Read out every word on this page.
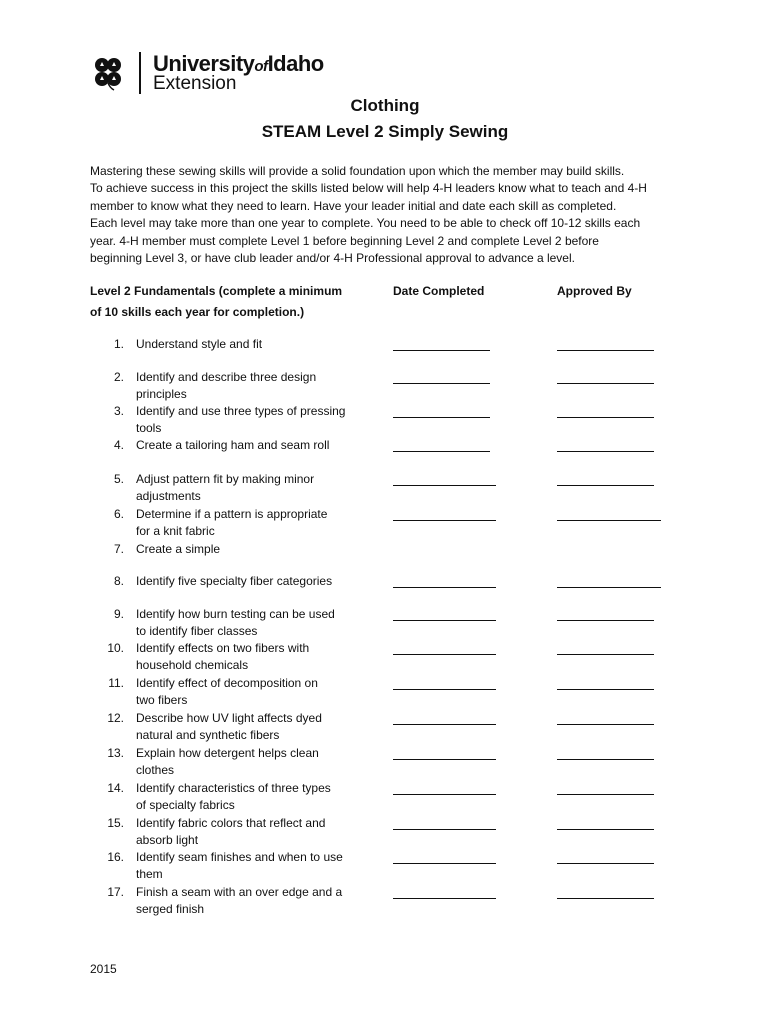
UniversityofIdaho
Extension
Clothing
STEAM Level 2 Simply Sewing

Mastering these sewing skills will provide a solid foundation upon which the member may build skills.

To achieve success in this project the skills listed below will help 4-H leaders know what to teach and 4-H

member to know what they need to learn. Have your leader initial and date each skill as completed.

Each level may take more than one year to complete. You need to be able to check off 10-12 skills each

year. 4-H member must complete Level 1 before beginning Level 2 and complete Level 2 before

beginning Level 3, or have club leader and/or 4-H Professional approval to advance a level.

Level 2 Fundamentals (complete a minimum
of 10 skills each year for completion.)
Date Completed	Approved By
1. Understand style and fit
2. Identify and describe three design
principles
3. Identify and use three types of pressing
tools
4. Create a tailoring ham and seam roll
5. Adjust pattern fit by making minor
adjustments
6. Determine if a pattern is appropriate
for a knit fabric
7. Create a simple
8. Identify five specialty fiber categories
9. Identify how burn testing can be used
to identify fiber classes
10. Identify effects on two fibers with
household chemicals
11. Identify effect of decomposition on
two fibers
12. Describe how UV light affects dyed
natural and synthetic fibers
13. Explain how detergent helps clean
clothes
14. Identify characteristics of three types
of specialty fabrics
15. Identify fabric colors that reflect and
absorb light
16. Identify seam finishes and when to use
them
17. Finish a seam with an over edge and a
serged finish
2015
